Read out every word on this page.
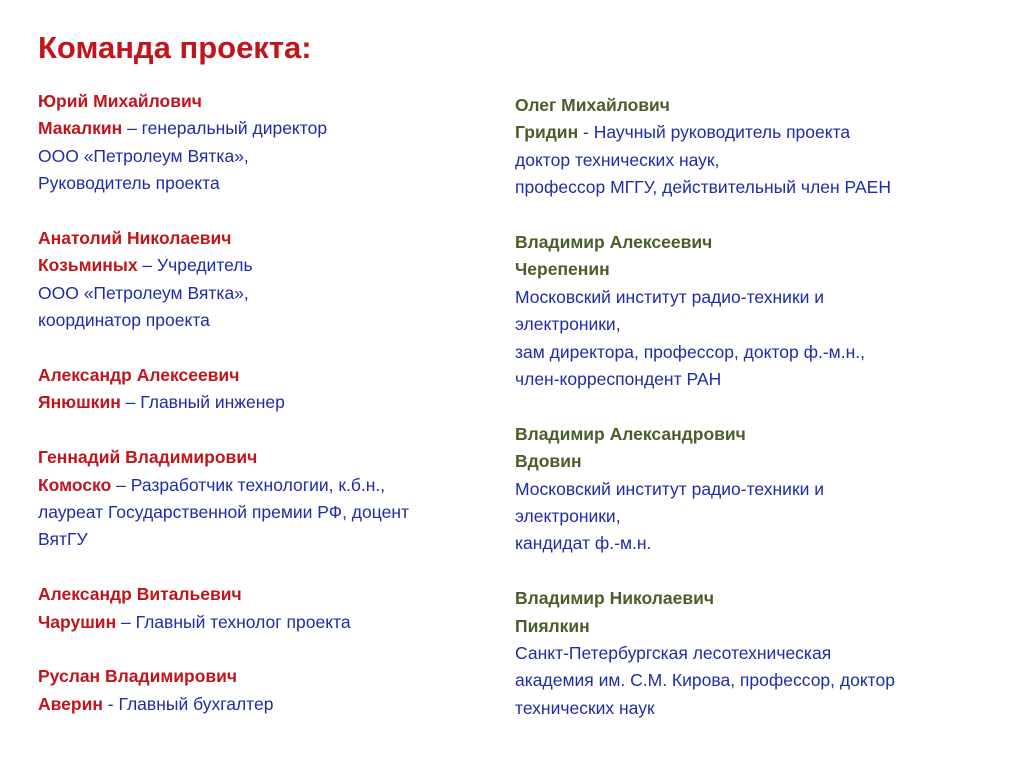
Команда проекта:
Юрий Михайлович
Макалкин – генеральный директор
ООО «Петролеум Вятка»,
Руководитель проекта
Анатолий Николаевич
Козьминых – Учредитель
ООО «Петролеум Вятка»,
координатор проекта
Александр Алексеевич
Янюшкин – Главный инженер
Геннадий Владимирович
Комоско – Разработчик технологии, к.б.н.,
лауреат Государственной премии РФ, доцент
ВятГУ
Александр Витальевич
Чарушин – Главный технолог проекта
Руслан Владимирович
Аверин - Главный бухгалтер
Олег Михайлович
Гридин - Научный руководитель проекта
доктор технических наук,
профессор МГГУ, действительный член РАЕН
Владимир Алексеевич
Черепенин
Московский институт радио-техники и
электроники,
зам директора, профессор, доктор ф.-м.н.,
член-корреспондент РАН
Владимир Александрович
Вдовин
Московский институт радио-техники и
электроники,
кандидат ф.-м.н.
Владимир Николаевич
Пиялкин
Санкт-Петербургская лесотехническая
академия им. С.М. Кирова, профессор, доктор
технических наук
